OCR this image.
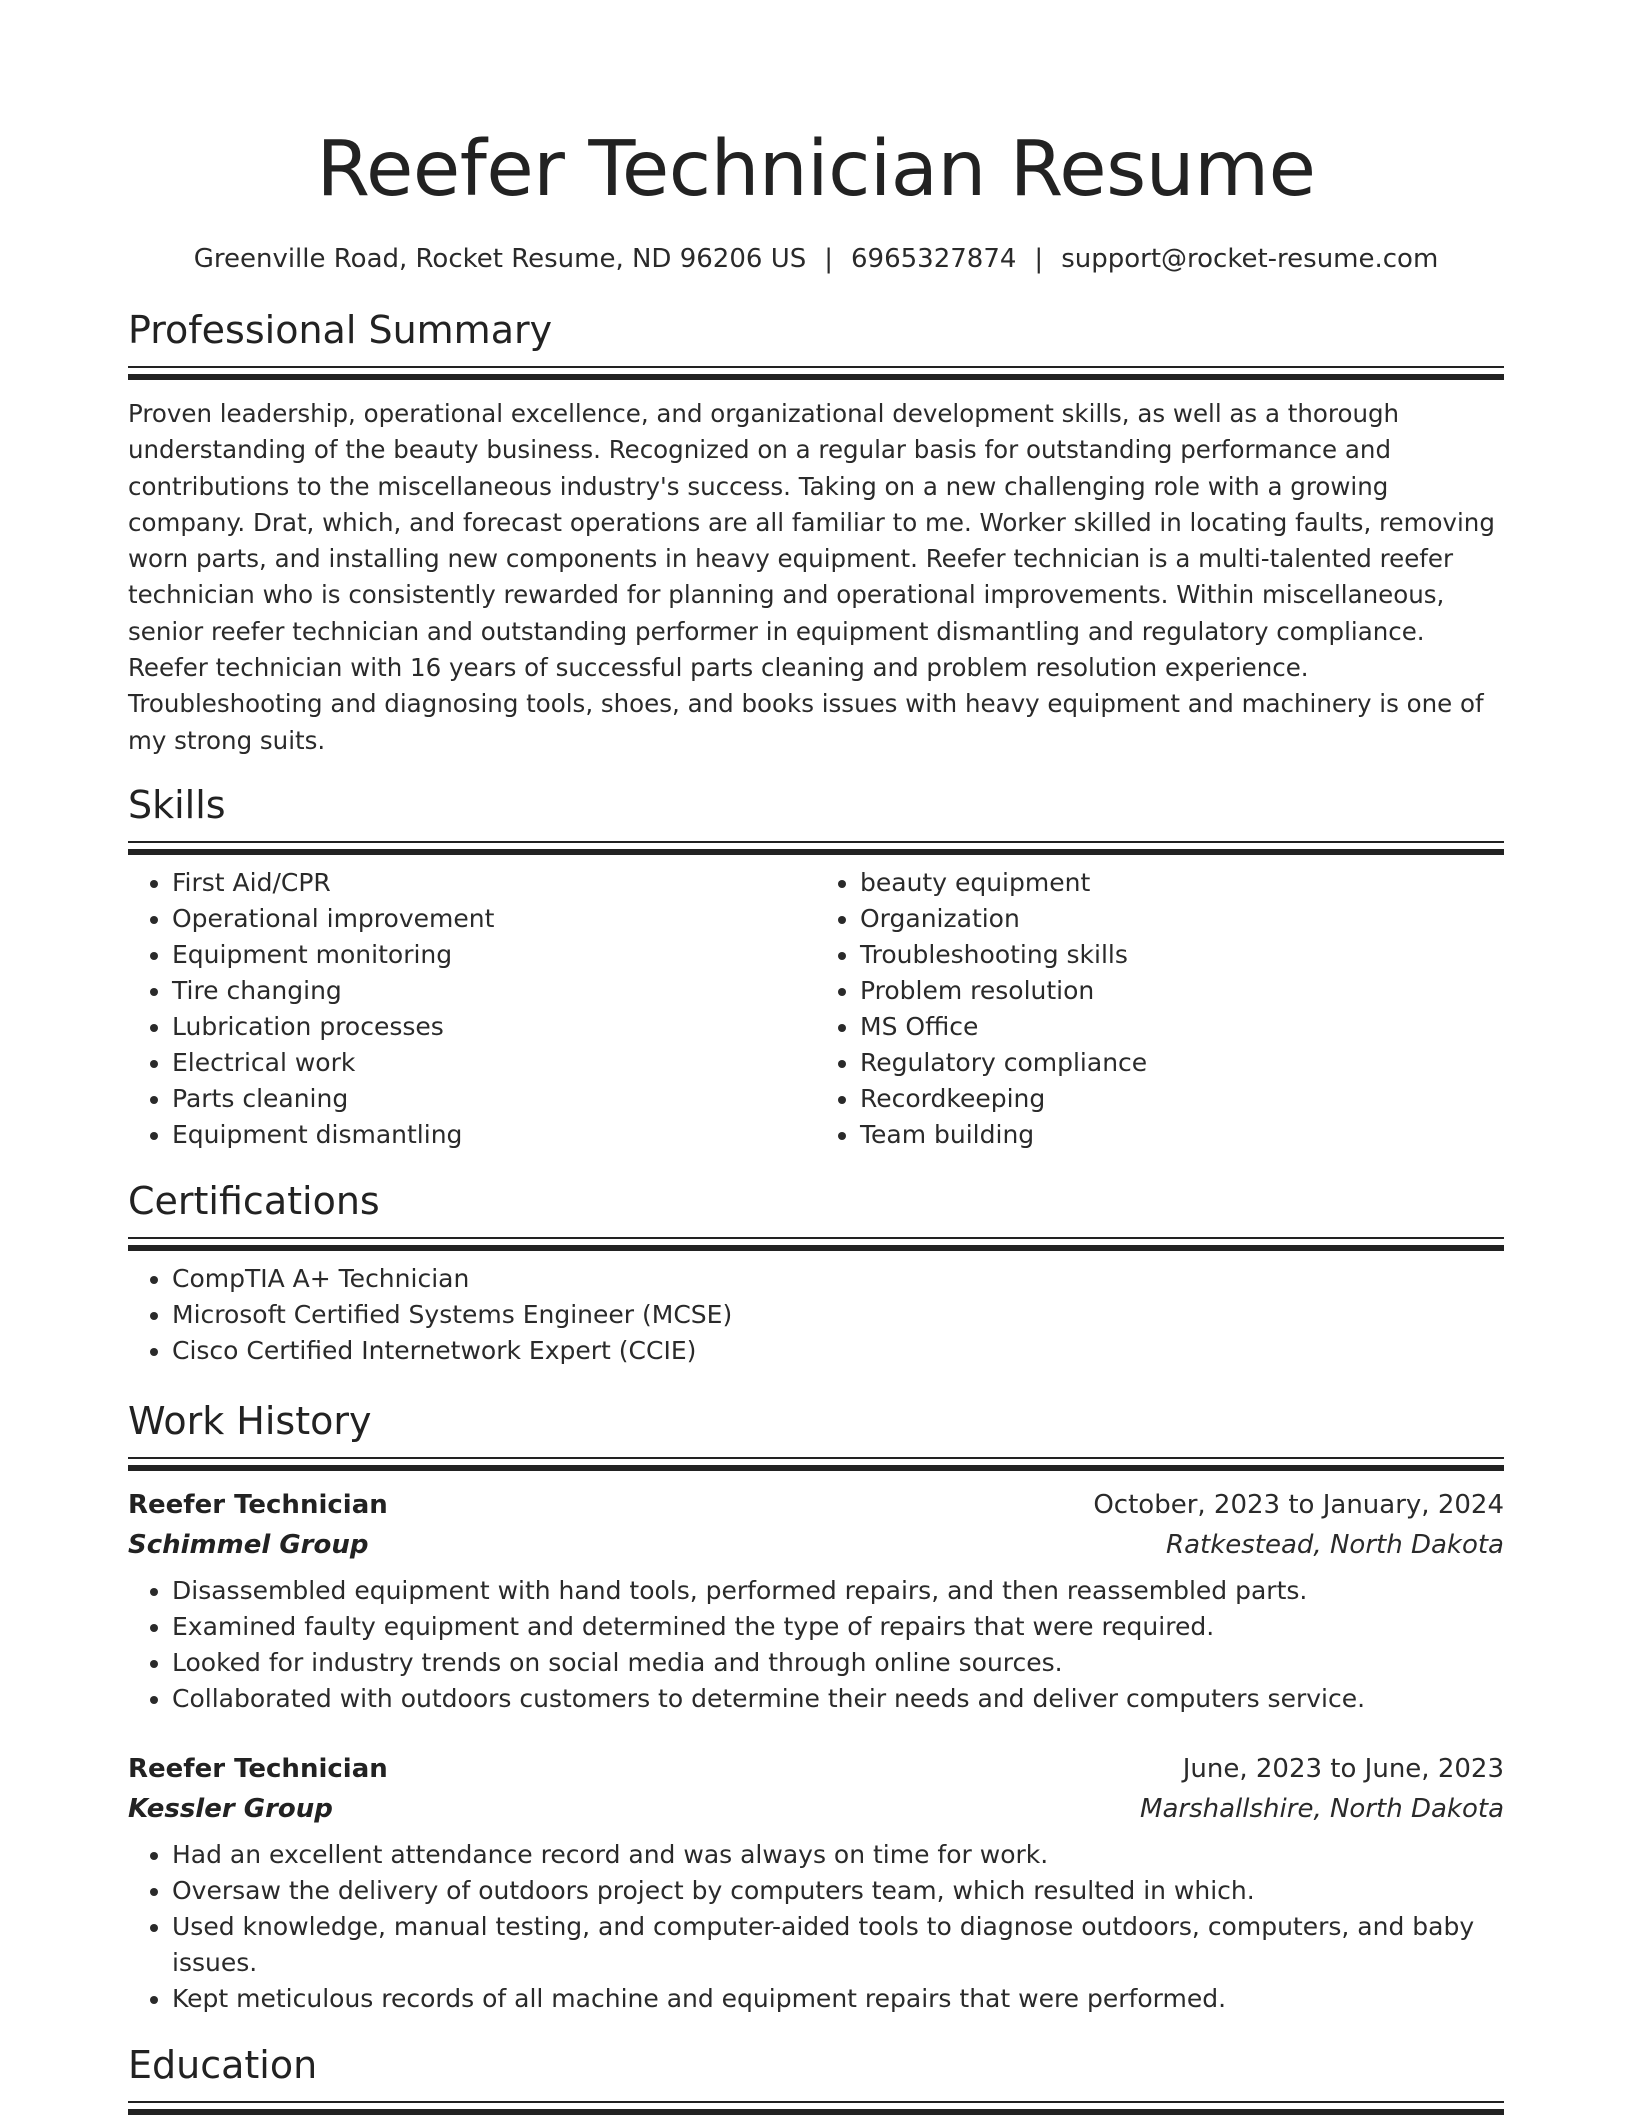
Reefer Technician Resume
Greenville Road, Rocket Resume, ND 96206 US | 6965327874 | support@rocket-resume.com
Professional Summary

Proven leadership, operational excellence, and organizational development skills, as well as a thorough understanding of the beauty business. Recognized on a regular basis for outstanding performance and contributions to the miscellaneous industry's success. Taking on a new challenging role with a growing company. Drat, which, and forecast operations are all familiar to me. Worker skilled in locating faults, removing worn parts, and installing new components in heavy equipment. Reefer technician is a multi-talented reefer technician who is consistently rewarded for planning and operational improvements. Within miscellaneous, senior reefer technician and outstanding performer in equipment dismantling and regulatory compliance. Reefer technician with 16 years of successful parts cleaning and problem resolution experience. Troubleshooting and diagnosing tools, shoes, and books issues with heavy equipment and machinery is one of my strong suits.

Skills
• First Aid/CPR
• Operational improvement
• Equipment monitoring
• Tire changing
• Lubrication processes
• Electrical work
• Parts cleaning
• Equipment dismantling
• beauty equipment
• Organization
• Troubleshooting skills
• Problem resolution
• MS Office
• Regulatory compliance
• Recordkeeping
• Team building
Certifications
• CompTIA A+ Technician
• Microsoft Certified Systems Engineer (MCSE)
• Cisco Certified Internetwork Expert (CCIE)
Work History
Reefer Technician	October, 2023 to January, 2024
Schimmel Group	Ratkestead, North Dakota
• Disassembled equipment with hand tools, performed repairs, and then reassembled parts.
• Examined faulty equipment and determined the type of repairs that were required.
• Looked for industry trends on social media and through online sources.
• Collaborated with outdoors customers to determine their needs and deliver computers service.
Reefer Technician	June, 2023 to June, 2023
Kessler Group	Marshallshire, North Dakota
• Had an excellent attendance record and was always on time for work.
• Oversaw the delivery of outdoors project by computers team, which resulted in which.
• Used knowledge, manual testing, and computer-aided tools to diagnose outdoors, computers, and baby issues.
• Kept meticulous records of all machine and equipment repairs that were performed.
Education
